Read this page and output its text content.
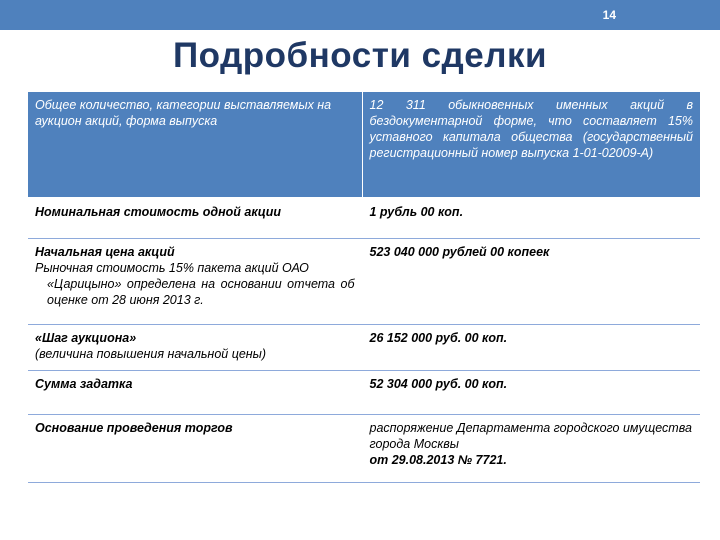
14
Подробности сделки
Общее количество, категории выставляемых на аукцион акций, форма выпуска	12 311 обыкновенных именных акций в бездокументарной форме, что составляет 15% уставного капитала общества (государственный регистрационный номер выпуска 1-01-02009-А)
Номинальная стоимость одной акции	1 рубль 00 коп.

Начальная цена акций
Рыночная стоимость 15% пакета акций ОАО
«Царицыно» определена на основании отчета об оценке от 28 июня 2013 г.	523 040 000 рублей 00 копеек

«Шаг аукциона»
(величина повышения начальной цены)	26 152 000 руб. 00 коп.
Сумма задатка	52 304 000 руб. 00 коп.
Основание проведения торгов	распоряжение Департамента городского имущества города Москвы
от 29.08.2013 № 7721.
